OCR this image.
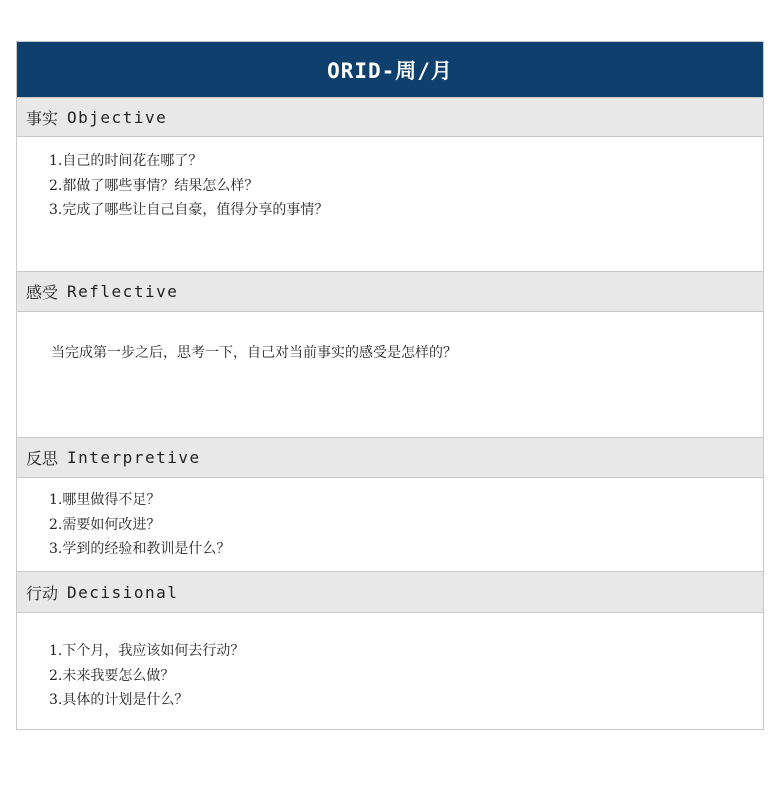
ORID-周/月
事实 Objective
1.自己的时间花在哪了？
2.都做了哪些事情？结果怎么样？
3.完成了哪些让自己自豪，值得分享的事情？
感受 Reflective
当完成第一步之后，思考一下，自己对当前事实的感受是怎样的？
反思 Interpretive
1.哪里做得不足？
2.需要如何改进？
3.学到的经验和教训是什么？
行动 Decisional
1.下个月，我应该如何去行动？
2.未来我要怎么做？
3.具体的计划是什么？
